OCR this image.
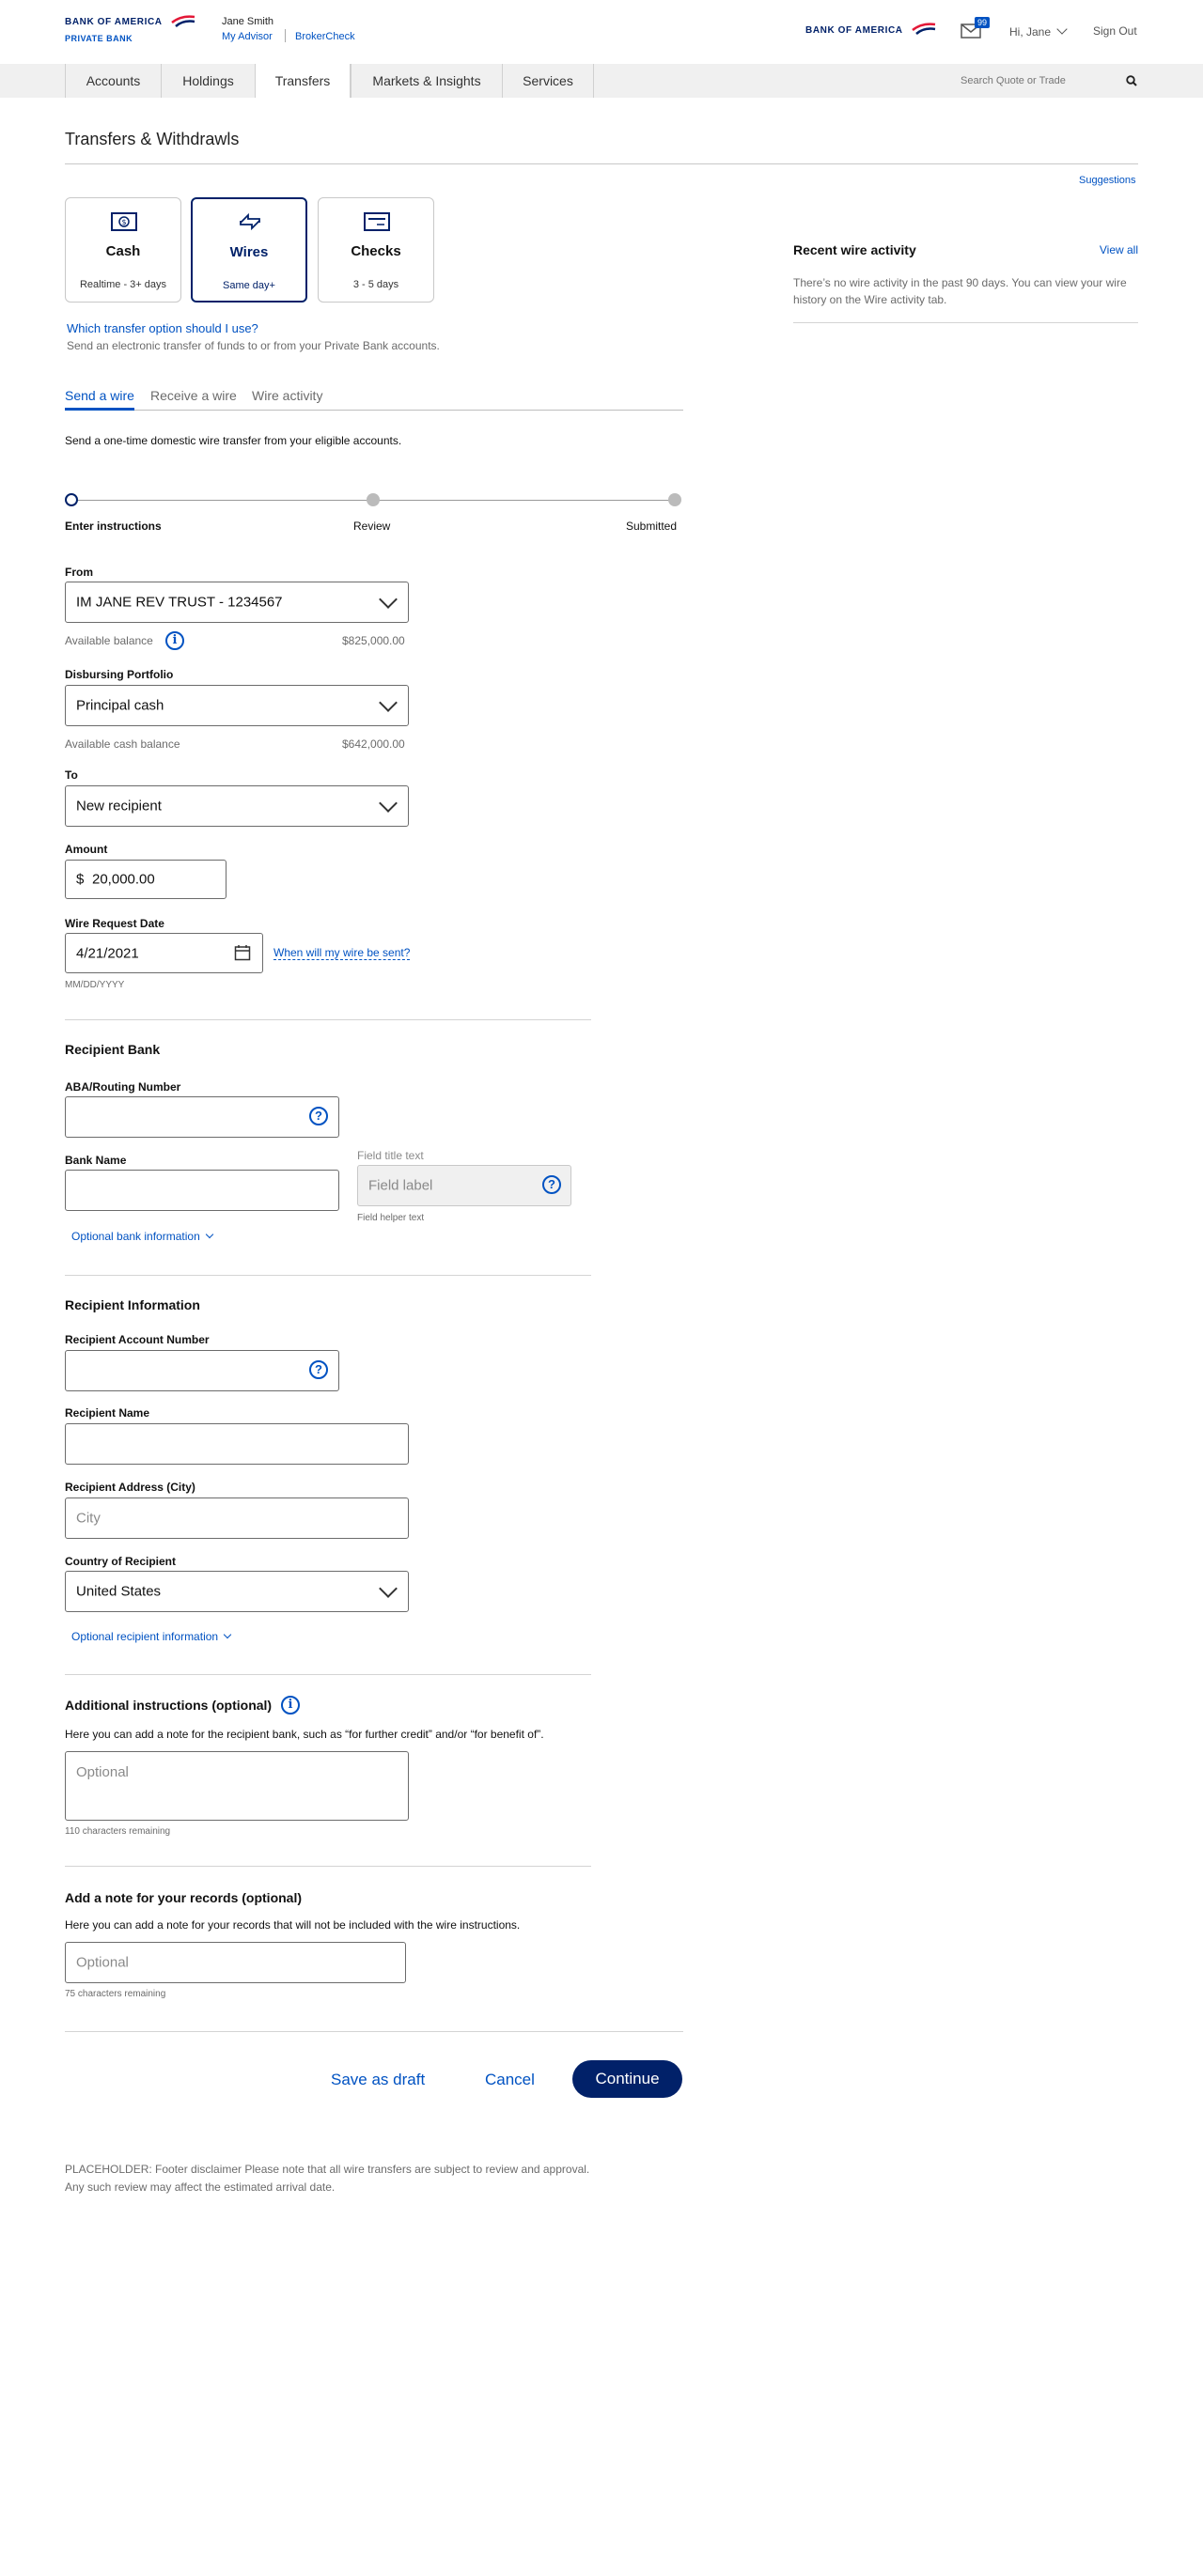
BANK OF AMERICA
PRIVATE BANK
Jane Smith
My Advisor BrokerCheck
BANK OF AMERICA
99
Hi, Jane	Sign Out
Accounts	Holdings	Transfers	Markets & Insights	Services
Search Quote or Trade
Transfers & Withdrawls
Suggestions
$
Cash
Realtime - 3+ days
Wires
Same day+
Checks
3 - 5 days
Which transfer option should I use?
Send an electronic transfer of funds to or from your Private Bank accounts.
Recent wire activity	View all
There’s no wire activity in the past 90 days. You can view your wire history on the Wire activity tab.
Send a wire Receive a wire Wire activity
Send a one-time domestic wire transfer from your eligible accounts.
Enter instructions	Review	Submitted
From
IM JANE REV TRUST - 1234567
Available balance	i	$825,000.00
Disbursing Portfolio
Principal cash
Available cash balance	$642,000.00
To
New recipient
Amount
$ 20,000.00
Wire Request Date
4/21/2021	When will my wire be sent?
MM/DD/YYYY
Recipient Bank
ABA/Routing Number
?
Bank Name	Field title text
Field label	?
Field helper text
Optional bank information
Recipient Information
Recipient Account Number
?
Recipient Name
Recipient Address (City)
City
Country of Recipient
United States
Optional recipient information
Additional instructions (optional)	i
Here you can add a note for the recipient bank, such as “for further credit” and/or “for benefit of”.
Optional
110 characters remaining
Add a note for your records (optional)
Here you can add a note for your records that will not be included with the wire instructions.
Optional
75 characters remaining
Save as draft	Cancel	Continue
PLACEHOLDER: Footer disclaimer Please note that all wire transfers are subject to review and approval. Any such review may affect the estimated arrival date.
